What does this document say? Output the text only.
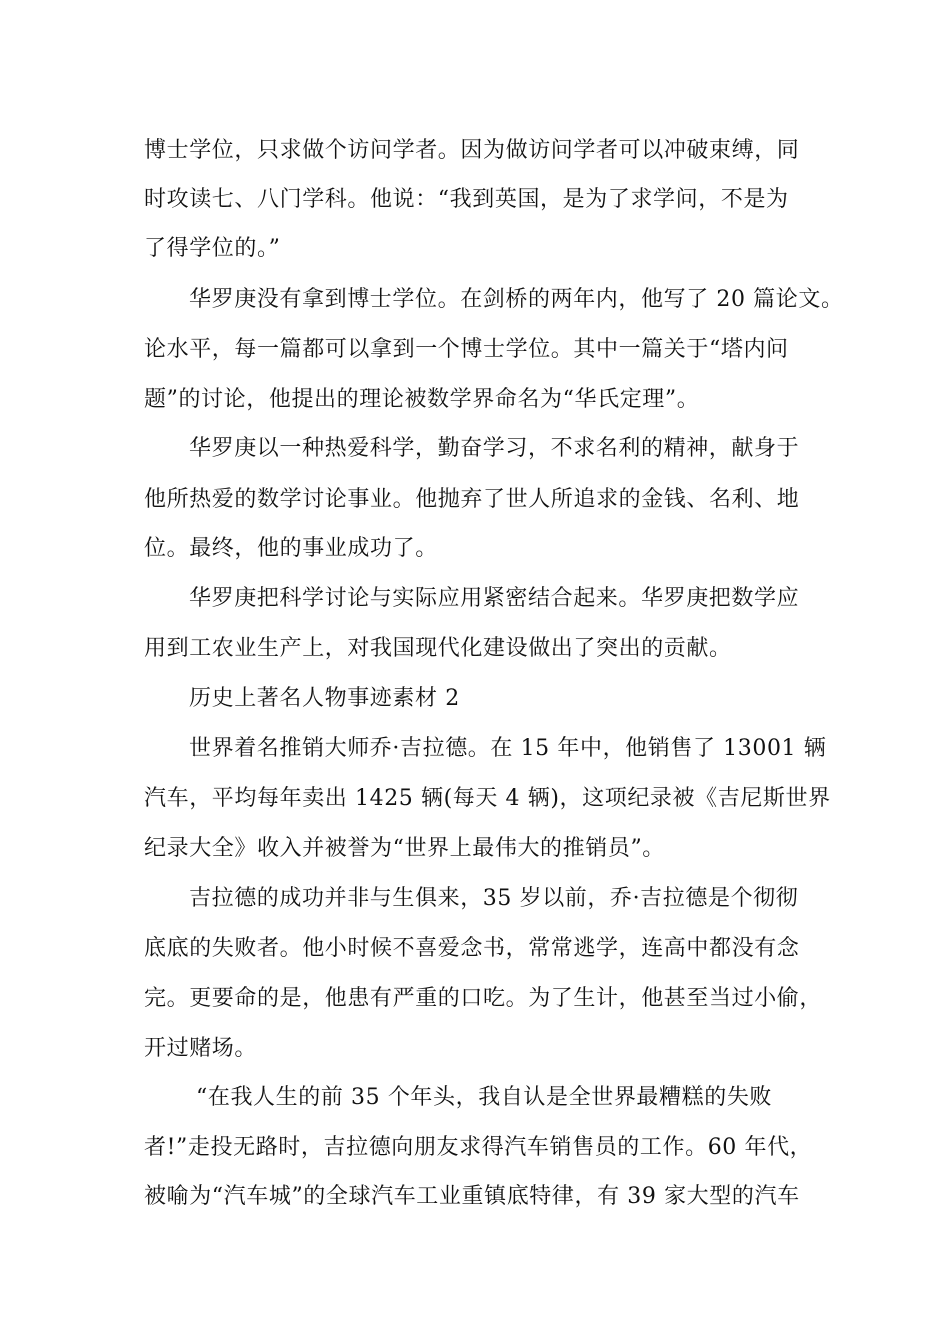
博士学位，只求做个访问学者。因为做访问学者可以冲破束缚，同
时攻读七、八门学科。他说：“我到英国，是为了求学问，不是为
了得学位的。”
华罗庚没有拿到博士学位。在剑桥的两年内，他写了 20 篇论文。
论水平，每一篇都可以拿到一个博士学位。其中一篇关于“塔内问
题”的讨论，他提出的理论被数学界命名为“华氏定理”。
华罗庚以一种热爱科学，勤奋学习，不求名利的精神，献身于
他所热爱的数学讨论事业。他抛弃了世人所追求的金钱、名利、地
位。最终，他的事业成功了。
华罗庚把科学讨论与实际应用紧密结合起来。华罗庚把数学应
用到工农业生产上，对我国现代化建设做出了突出的贡献。
历史上著名人物事迹素材 2
世界着名推销大师乔·吉拉德。在 15 年中，他销售了 13001 辆
汽车，平均每年卖出 1425 辆(每天 4 辆)，这项纪录被《吉尼斯世界
纪录大全》收入并被誉为“世界上最伟大的推销员”。
吉拉德的成功并非与生俱来，35 岁以前，乔·吉拉德是个彻彻
底底的失败者。他小时候不喜爱念书，常常逃学，连高中都没有念
完。更要命的是，他患有严重的口吃。为了生计，他甚至当过小偷，
开过赌场。
“在我人生的前 35 个年头，我自认是全世界最糟糕的失败
者!”走投无路时，吉拉德向朋友求得汽车销售员的工作。60 年代，
被喻为“汽车城”的全球汽车工业重镇底特律，有 39 家大型的汽车
